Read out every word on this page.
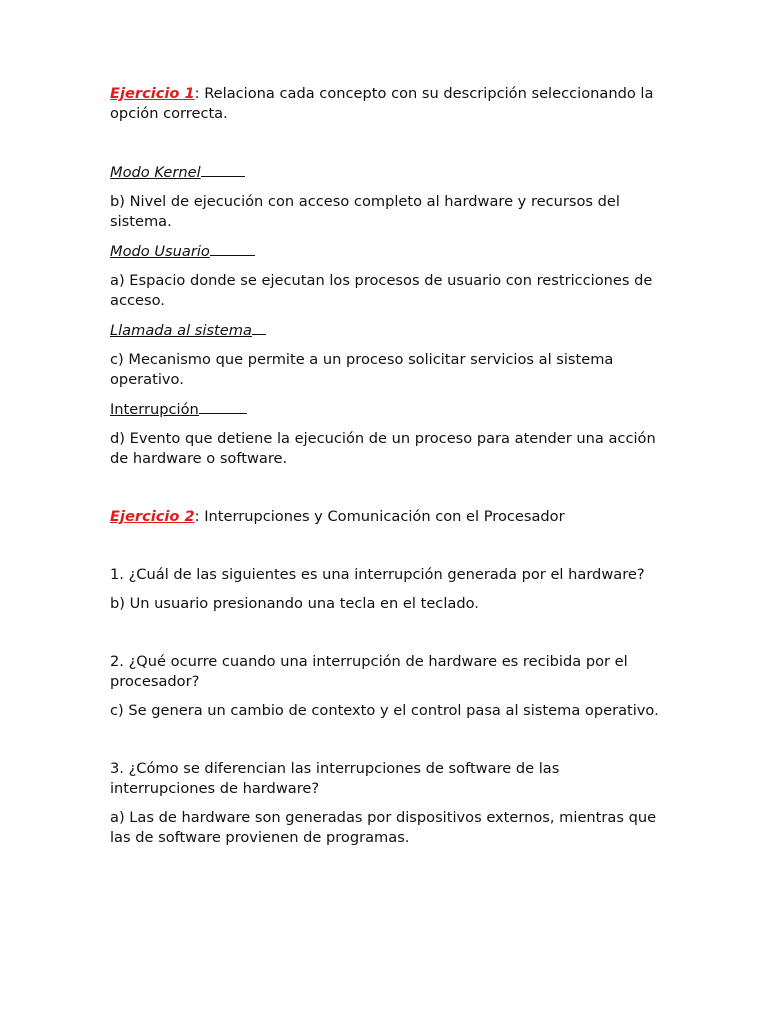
Ejercicio 1: Relaciona cada concepto con su descripción seleccionando la opción correcta.

Modo Kernel

b) Nivel de ejecución con acceso completo al hardware y recursos del sistema.

Modo Usuario

a) Espacio donde se ejecutan los procesos de usuario con restricciones de acceso.

Llamada al sistema

c) Mecanismo que permite a un proceso solicitar servicios al sistema operativo.

Interrupción

d) Evento que detiene la ejecución de un proceso para atender una acción de hardware o software.

Ejercicio 2: Interrupciones y Comunicación con el Procesador

1. ¿Cuál de las siguientes es una interrupción generada por el hardware?

b) Un usuario presionando una tecla en el teclado.

2. ¿Qué ocurre cuando una interrupción de hardware es recibida por el procesador?

c) Se genera un cambio de contexto y el control pasa al sistema operativo.

3. ¿Cómo se diferencian las interrupciones de software de las interrupciones de hardware?

a) Las de hardware son generadas por dispositivos externos, mientras que las de software provienen de programas.
